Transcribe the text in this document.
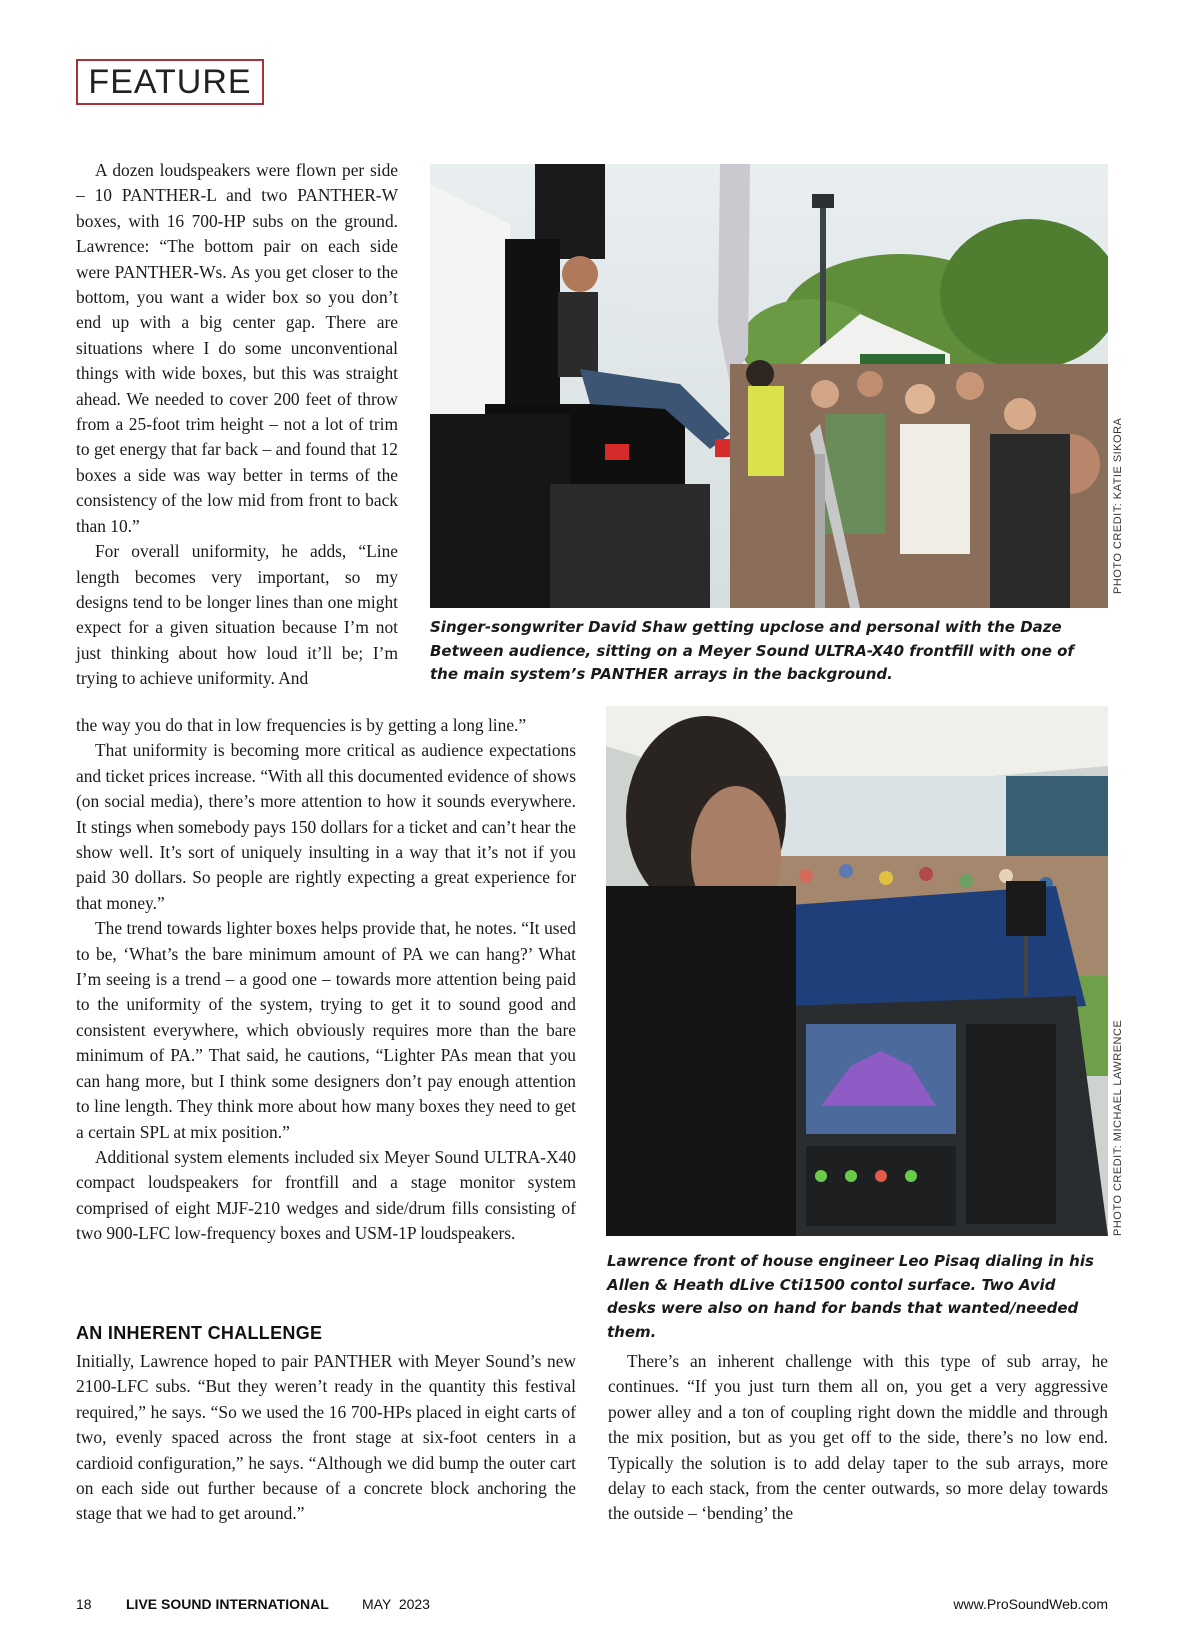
FEATURE

A dozen loudspeakers were flown per side – 10 PANTHER-L and two PANTHER-W boxes, with 16 700-HP subs on the ground. Lawrence: “The bottom pair on each side were PANTHER-Ws. As you get closer to the bottom, you want a wider box so you don’t end up with a big center gap. There are situations where I do some unconventional things with wide boxes, but this was straight ahead. We needed to cover 200 feet of throw from a 25-foot trim height – not a lot of trim to get energy that far back – and found that 12 boxes a side was way better in terms of the consistency of the low mid from front to back than 10.”

For overall uniformity, he adds, “Line length becomes very important, so my designs tend to be longer lines than one might expect for a given situation because I’m not just thinking about how loud it’ll be; I’m trying to achieve uniformity. And

the way you do that in low frequencies is by getting a long line.”

That uniformity is becoming more critical as audience expectations and ticket prices increase. “With all this documented evidence of shows (on social media), there’s more attention to how it sounds everywhere. It stings when somebody pays 150 dollars for a ticket and can’t hear the show well. It’s sort of uniquely insulting in a way that it’s not if you paid 30 dollars. So people are rightly expecting a great experience for that money.”

The trend towards lighter boxes helps provide that, he notes. “It used to be, ‘What’s the bare minimum amount of PA we can hang?’ What I’m seeing is a trend – a good one – towards more attention being paid to the uniformity of the system, trying to get it to sound good and consistent everywhere, which obviously requires more than the bare minimum of PA.” That said, he cautions, “Lighter PAs mean that you can hang more, but I think some designers don’t pay enough attention to line length. They think more about how many boxes they need to get a certain SPL at mix position.”

Additional system elements included six Meyer Sound ULTRA-X40 compact loudspeakers for frontfill and a stage monitor system comprised of eight MJF-210 wedges and side/drum fills consisting of two 900-LFC low-frequency boxes and USM-1P loudspeakers.

AN INHERENT CHALLENGE

Initially, Lawrence hoped to pair PANTHER with Meyer Sound’s new 2100-LFC subs. “But they weren’t ready in the quantity this festival required,” he says. “So we used the 16 700-HPs placed in eight carts of two, evenly spaced across the front stage at six-foot centers in a cardioid configuration,” he says. “Although we did bump the outer cart on each side out further because of a concrete block anchoring the stage that we had to get around.”

There’s an inherent challenge with this type of sub array, he continues. “If you just turn them all on, you get a very aggressive power alley and a ton of coupling right down the middle and through the mix position, but as you get off to the side, there’s no low end. Typically the solution is to add delay taper to the sub arrays, more delay to each stack, from the center outwards, so more delay towards the outside – ‘bending’ the

PHOTO CREDIT: KATIE SIKORA

Singer-songwriter David Shaw getting upclose and personal with the Daze Between audience, sitting on a Meyer Sound ULTRA-X40 frontfill with one of the main system’s PANTHER arrays in the background.

PHOTO CREDIT: MICHAEL LAWRENCE

Lawrence front of house engineer Leo Pisaq dialing in his Allen & Heath dLive Cti1500 contol surface. Two Avid desks were also on hand for bands that wanted/needed them.

18 LIVE SOUND INTERNATIONAL MAY  2023	www.ProSoundWeb.com
